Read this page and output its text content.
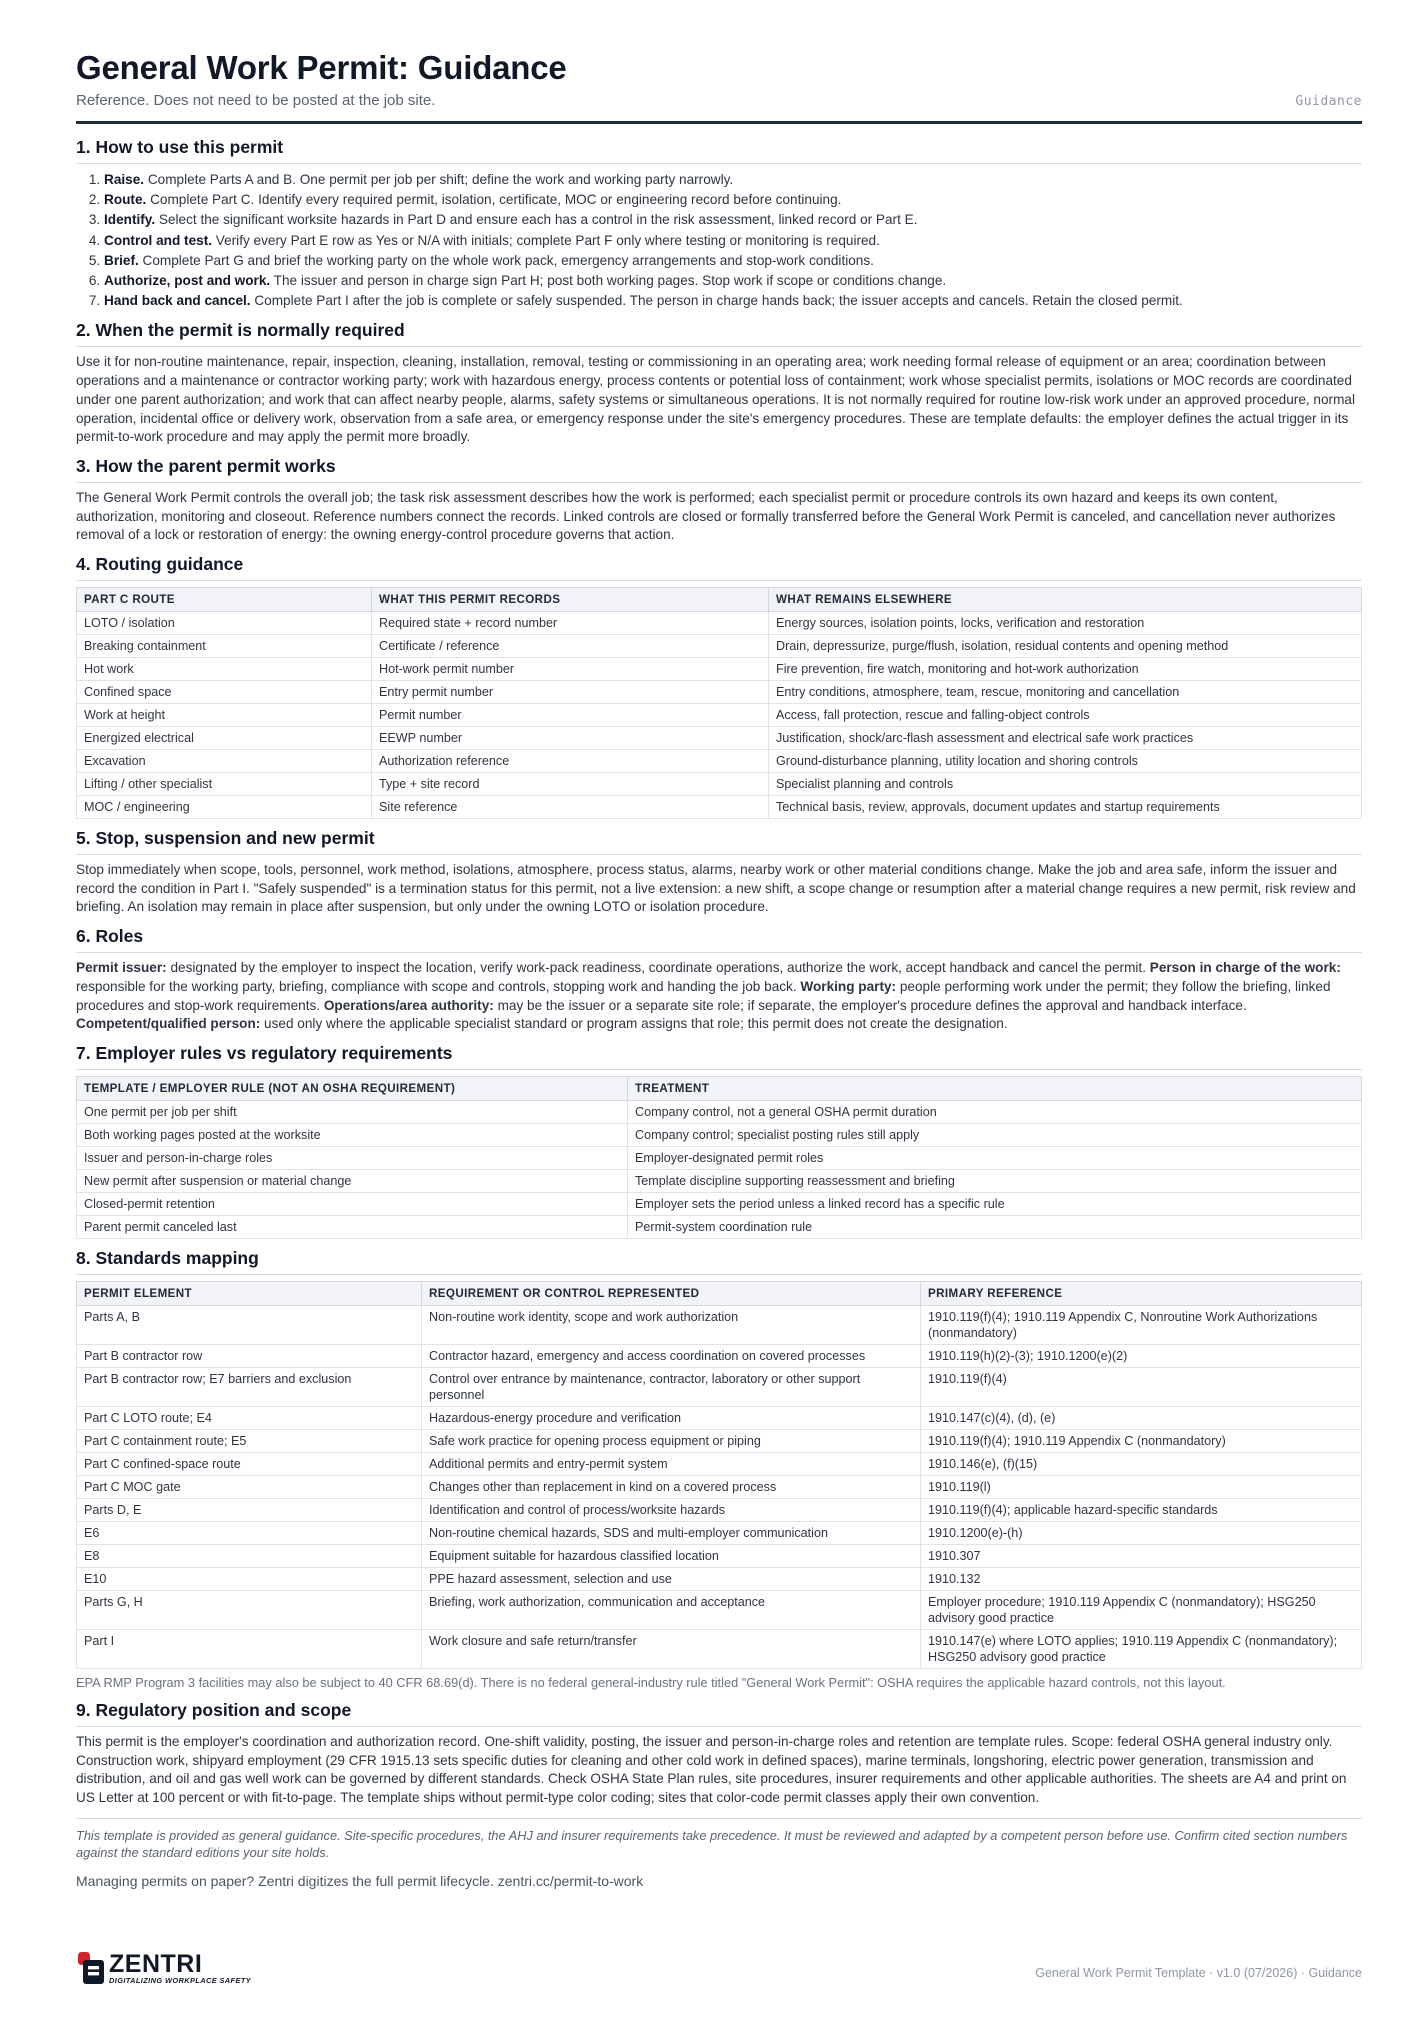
General Work Permit: Guidance
Reference. Does not need to be posted at the job site.	Guidance
1. How to use this permit
1. Raise. Complete Parts A and B. One permit per job per shift; define the work and working party narrowly.
2. Route. Complete Part C. Identify every required permit, isolation, certificate, MOC or engineering record before continuing.
3. Identify. Select the significant worksite hazards in Part D and ensure each has a control in the risk assessment, linked record or Part E.
4. Control and test. Verify every Part E row as Yes or N/A with initials; complete Part F only where testing or monitoring is required.
5. Brief. Complete Part G and brief the working party on the whole work pack, emergency arrangements and stop-work conditions.
6. Authorize, post and work. The issuer and person in charge sign Part H; post both working pages. Stop work if scope or conditions change.
7. Hand back and cancel. Complete Part I after the job is complete or safely suspended. The person in charge hands back; the issuer accepts and cancels. Retain the closed permit.
2. When the permit is normally required

Use it for non-routine maintenance, repair, inspection, cleaning, installation, removal, testing or commissioning in an operating area; work needing formal release of equipment or an area; coordination between operations and a maintenance or contractor working party; work with hazardous energy, process contents or potential loss of containment; work whose specialist permits, isolations or MOC records are coordinated under one parent authorization; and work that can affect nearby people, alarms, safety systems or simultaneous operations. It is not normally required for routine low-risk work under an approved procedure, normal operation, incidental office or delivery work, observation from a safe area, or emergency response under the site's emergency procedures. These are template defaults: the employer defines the actual trigger in its permit-to-work procedure and may apply the permit more broadly.

3. How the parent permit works

The General Work Permit controls the overall job; the task risk assessment describes how the work is performed; each specialist permit or procedure controls its own hazard and keeps its own content, authorization, monitoring and closeout. Reference numbers connect the records. Linked controls are closed or formally transferred before the General Work Permit is canceled, and cancellation never authorizes removal of a lock or restoration of energy: the owning energy-control procedure governs that action.

4. Routing guidance
PART C ROUTE	WHAT THIS PERMIT RECORDS	WHAT REMAINS ELSEWHERE
LOTO / isolation	Required state + record number	Energy sources, isolation points, locks, verification and restoration
Breaking containment	Certificate / reference	Drain, depressurize, purge/flush, isolation, residual contents and opening method
Hot work	Hot-work permit number	Fire prevention, fire watch, monitoring and hot-work authorization
Confined space	Entry permit number	Entry conditions, atmosphere, team, rescue, monitoring and cancellation
Work at height	Permit number	Access, fall protection, rescue and falling-object controls
Energized electrical	EEWP number	Justification, shock/arc-flash assessment and electrical safe work practices
Excavation	Authorization reference	Ground-disturbance planning, utility location and shoring controls
Lifting / other specialist	Type + site record	Specialist planning and controls
MOC / engineering	Site reference	Technical basis, review, approvals, document updates and startup requirements
5. Stop, suspension and new permit

Stop immediately when scope, tools, personnel, work method, isolations, atmosphere, process status, alarms, nearby work or other material conditions change. Make the job and area safe, inform the issuer and record the condition in Part I. "Safely suspended" is a termination status for this permit, not a live extension: a new shift, a scope change or resumption after a material change requires a new permit, risk review and briefing. An isolation may remain in place after suspension, but only under the owning LOTO or isolation procedure.

6. Roles

Permit issuer: designated by the employer to inspect the location, verify work-pack readiness, coordinate operations, authorize the work, accept handback and cancel the permit. Person in charge of the work: responsible for the working party, briefing, compliance with scope and controls, stopping work and handing the job back. Working party: people performing work under the permit; they follow the briefing, linked procedures and stop-work requirements. Operations/area authority: may be the issuer or a separate site role; if separate, the employer's procedure defines the approval and handback interface. Competent/qualified person: used only where the applicable specialist standard or program assigns that role; this permit does not create the designation.

7. Employer rules vs regulatory requirements
TEMPLATE / EMPLOYER RULE (NOT AN OSHA REQUIREMENT)	TREATMENT
One permit per job per shift	Company control, not a general OSHA permit duration
Both working pages posted at the worksite	Company control; specialist posting rules still apply
Issuer and person-in-charge roles	Employer-designated permit roles
New permit after suspension or material change	Template discipline supporting reassessment and briefing
Closed-permit retention	Employer sets the period unless a linked record has a specific rule
Parent permit canceled last	Permit-system coordination rule
8. Standards mapping
PERMIT ELEMENT	REQUIREMENT OR CONTROL REPRESENTED	PRIMARY REFERENCE
Parts A, B	Non-routine work identity, scope and work authorization	1910.119(f)(4); 1910.119 Appendix C, Nonroutine Work Authorizations (nonmandatory)
Part B contractor row	Contractor hazard, emergency and access coordination on covered processes	1910.119(h)(2)-(3); 1910.1200(e)(2)
Part B contractor row; E7 barriers and exclusion	Control over entrance by maintenance, contractor, laboratory or other support personnel	1910.119(f)(4)
Part C LOTO route; E4	Hazardous-energy procedure and verification	1910.147(c)(4), (d), (e)
Part C containment route; E5	Safe work practice for opening process equipment or piping	1910.119(f)(4); 1910.119 Appendix C (nonmandatory)
Part C confined-space route	Additional permits and entry-permit system	1910.146(e), (f)(15)
Part C MOC gate	Changes other than replacement in kind on a covered process	1910.119(l)
Parts D, E	Identification and control of process/worksite hazards	1910.119(f)(4); applicable hazard-specific standards
E6	Non-routine chemical hazards, SDS and multi-employer communication	1910.1200(e)-(h)
E8	Equipment suitable for hazardous classified location	1910.307
E10	PPE hazard assessment, selection and use	1910.132
Parts G, H	Briefing, work authorization, communication and acceptance	Employer procedure; 1910.119 Appendix C (nonmandatory); HSG250 advisory good practice
Part I	Work closure and safe return/transfer	1910.147(e) where LOTO applies; 1910.119 Appendix C (nonmandatory); HSG250 advisory good practice

EPA RMP Program 3 facilities may also be subject to 40 CFR 68.69(d). There is no federal general-industry rule titled "General Work Permit": OSHA requires the applicable hazard controls, not this layout.

9. Regulatory position and scope

This permit is the employer's coordination and authorization record. One-shift validity, posting, the issuer and person-in-charge roles and retention are template rules. Scope: federal OSHA general industry only. Construction work, shipyard employment (29 CFR 1915.13 sets specific duties for cleaning and other cold work in defined spaces), marine terminals, longshoring, electric power generation, transmission and distribution, and oil and gas well work can be governed by different standards. Check OSHA State Plan rules, site procedures, insurer requirements and other applicable authorities. The sheets are A4 and print on US Letter at 100 percent or with fit-to-page. The template ships without permit-type color coding; sites that color-code permit classes apply their own convention.

This template is provided as general guidance. Site-specific procedures, the AHJ and insurer requirements take precedence. It must be reviewed and adapted by a competent person before use. Confirm cited section numbers against the standard editions your site holds.

Managing permits on paper? Zentri digitizes the full permit lifecycle. zentri.cc/permit-to-work

ZENTRI
DIGITALIZING WORKPLACE SAFETY	General Work Permit Template · v1.0 (07/2026) · Guidance
